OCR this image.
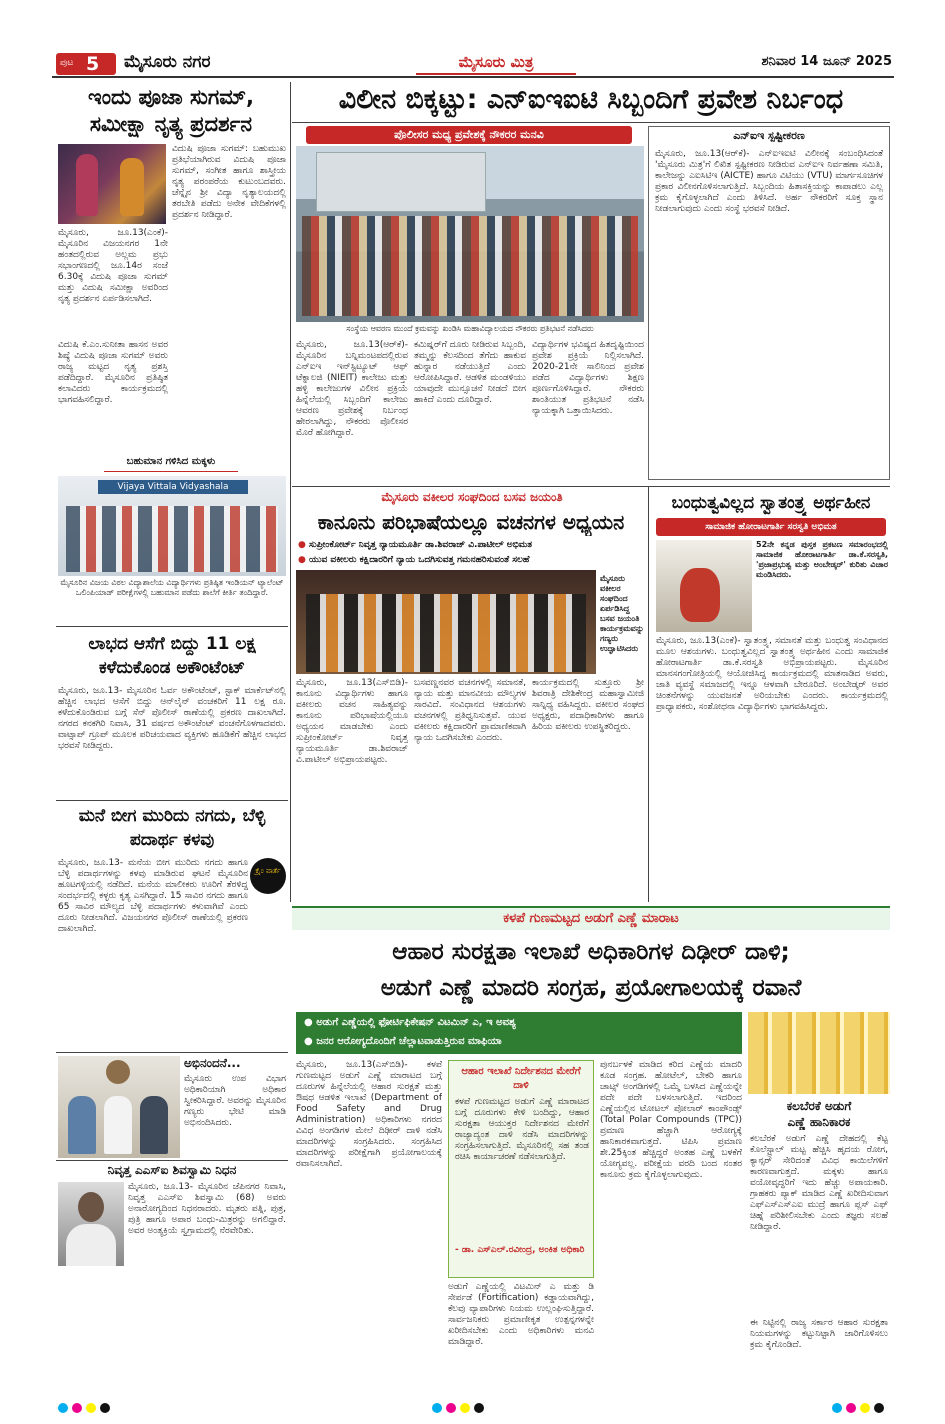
ಪುಟ 5 ಮೈಸೂರು ನಗರ	ಮೈಸೂರು ಮಿತ್ರ	ಶನಿವಾರ 14 ಜೂನ್ 2025
ಇಂದು ಪೂಜಾ ಸುಗಮ್, ಸಮೀಕ್ಷಾ ನೃತ್ಯ ಪ್ರದರ್ಶನ
ಮೈಸೂರು, ಜೂ.13(ಎಂಕೆ)- ಮೈಸೂರಿನ ವಿಜಯನಗರ 1ನೇ ಹಂತದಲ್ಲಿರುವ ಅಲ್ಲಮ ಪ್ರಭು ಸಭಾಂಗಣದಲ್ಲಿ ಜೂ.14ರ ಸಂಜೆ 6.30ಕ್ಕೆ ವಿದುಷಿ ಪೂಜಾ ಸುಗಮ್ ಮತ್ತು ವಿದುಷಿ ಸಮೀಕ್ಷಾ ಅವರಿಂದ ನೃತ್ಯ ಪ್ರದರ್ಶನ ಏರ್ಪಡಿಸಲಾಗಿದೆ.
ವಿದುಷಿ ಕೆ.ಎಂ.ಸುನೀತಾ ಹಾಸನ ಅವರ ಶಿಷ್ಯೆ ವಿದುಷಿ ಪೂಜಾ ಸುಗಮ್ ಅವರು ರಾಜ್ಯ ಮಟ್ಟದ ನೃತ್ಯ ಪ್ರಶಸ್ತಿ ಪಡೆದಿದ್ದಾರೆ. ಮೈಸೂರಿನ ಪ್ರತಿಷ್ಠಿತ ಕಲಾವಿದರು ಕಾರ್ಯಕ್ರಮದಲ್ಲಿ ಭಾಗವಹಿಸಲಿದ್ದಾರೆ.
ವಿದುಷಿ ಪೂಜಾ ಸುಗಮ್: ಬಹುಮುಖ ಪ್ರತಿಭೆಯಾಗಿರುವ ವಿದುಷಿ ಪೂಜಾ ಸುಗಮ್, ಸಂಗೀತ ಹಾಗೂ ಶಾಸ್ತ್ರೀಯ ನೃತ್ಯ ಪರಂಪರೆಯ ಕುಟುಂಬದವರು. ಚೆನ್ನೈನ ಶ್ರೀ ವಿದ್ಯಾ ನೃತ್ಯಾಲಯದಲ್ಲಿ ತರಬೇತಿ ಪಡೆದು ಅನೇಕ ವೇದಿಕೆಗಳಲ್ಲಿ ಪ್ರದರ್ಶನ ನೀಡಿದ್ದಾರೆ.
ಬಹುಮಾನ ಗಳಿಸಿದ ಮಕ್ಕಳು
Vijaya Vittala Vidyashala
ಮೈಸೂರಿನ ವಿಜಯ ವಿಠಲ ವಿದ್ಯಾಶಾಲೆಯ ವಿದ್ಯಾರ್ಥಿಗಳು ಪ್ರತಿಷ್ಠಿತ ಇಂಡಿಯನ್ ಟ್ಯಾಲೆಂಟ್ ಒಲಿಂಪಿಯಾಡ್ ಪರೀಕ್ಷೆಗಳಲ್ಲಿ ಬಹುಮಾನ ಪಡೆದು ಶಾಲೆಗೆ ಕೀರ್ತಿ ತಂದಿದ್ದಾರೆ.
ಲಾಭದ ಆಸೆಗೆ ಬಿದ್ದು 11 ಲಕ್ಷ ಕಳೆದುಕೊಂಡ ಅಕೌಂಟೆಂಟ್
ಮೈಸೂರು, ಜೂ.13- ಮೈಸೂರಿನ ಓರ್ವ ಅಕೌಂಟೆಂಟ್, ಸ್ಟಾಕ್ ಮಾರ್ಕೆಟ್‌ನಲ್ಲಿ ಹೆಚ್ಚಿನ ಲಾಭದ ಆಸೆಗೆ ಬಿದ್ದು ಆನ್‌ಲೈನ್ ವಂಚಕರಿಗೆ 11 ಲಕ್ಷ ರೂ. ಕಳೆದುಕೊಂಡಿರುವ ಬಗ್ಗೆ ಸೆನ್ ಪೊಲೀಸ್ ಠಾಣೆಯಲ್ಲಿ ಪ್ರಕರಣ ದಾಖಲಾಗಿದೆ. ನಗರದ ಕನಕಗಿರಿ ನಿವಾಸಿ, 31 ವರ್ಷದ ಅಕೌಂಟೆಂಟ್ ವಂಚನೆಗೊಳಗಾದವರು. ವಾಟ್ಸಾಪ್ ಗ್ರೂಪ್ ಮೂಲಕ ಪರಿಚಯವಾದ ವ್ಯಕ್ತಿಗಳು ಹೂಡಿಕೆಗೆ ಹೆಚ್ಚಿನ ಲಾಭದ ಭರವಸೆ ನೀಡಿದ್ದರು.
ಮನೆ ಬೀಗ ಮುರಿದು ನಗದು, ಬೆಳ್ಳಿ ಪದಾರ್ಥ ಕಳವು
ಮೈಸೂರು, ಜೂ.13- ಮನೆಯ ಬೀಗ ಮುರಿದು ನಗದು ಹಾಗೂ ಬೆಳ್ಳಿ ಪದಾರ್ಥಗಳನ್ನು ಕಳವು ಮಾಡಿರುವ ಘಟನೆ ಮೈಸೂರಿನ ಹೂಟಗಳ್ಳಿಯಲ್ಲಿ ನಡೆದಿದೆ. ಮನೆಯ ಮಾಲೀಕರು ಊರಿಗೆ ತೆರಳಿದ್ದ ಸಂದರ್ಭದಲ್ಲಿ ಕಳ್ಳರು ಕೃತ್ಯ ಎಸಗಿದ್ದಾರೆ. 15 ಸಾವಿರ ನಗದು ಹಾಗೂ 65 ಸಾವಿರ ಮೌಲ್ಯದ ಬೆಳ್ಳಿ ಪದಾರ್ಥಗಳು ಕಳುವಾಗಿವೆ ಎಂದು ದೂರು ನೀಡಲಾಗಿದೆ. ವಿಜಯನಗರ ಪೊಲೀಸ್ ಠಾಣೆಯಲ್ಲಿ ಪ್ರಕರಣ ದಾಖಲಾಗಿದೆ.
ಕ್ರೈಂ ವಾರ್ತೆ
ಅಭಿನಂದನೆ...
ಮೈಸೂರು ಉಪ ವಿಭಾಗ ಅಧಿಕಾರಿಯಾಗಿ ಅಧಿಕಾರ ಸ್ವೀಕರಿಸಿದ್ದಾರೆ. ಅವರನ್ನು ಮೈಸೂರಿನ ಗಣ್ಯರು ಭೇಟಿ ಮಾಡಿ ಅಭಿನಂದಿಸಿದರು.
ನಿವೃತ್ತ ಎಎಸ್‌ಐ ಶಿವಸ್ವಾಮಿ ನಿಧನ
ಮೈಸೂರು, ಜೂ.13- ಮೈಸೂರಿನ ಜೆಪಿನಗರ ನಿವಾಸಿ, ನಿವೃತ್ತ ಎಎಸ್‌ಐ ಶಿವಸ್ವಾಮಿ (68) ಅವರು ಅನಾರೋಗ್ಯದಿಂದ ನಿಧನರಾದರು. ಮೃತರು ಪತ್ನಿ, ಪುತ್ರ, ಪುತ್ರಿ ಹಾಗೂ ಅಪಾರ ಬಂಧು-ಮಿತ್ರರನ್ನು ಅಗಲಿದ್ದಾರೆ. ಅವರ ಅಂತ್ಯಕ್ರಿಯೆ ಸ್ವಗ್ರಾಮದಲ್ಲಿ ನೆರವೇರಿತು.
ವಿಲೀನ ಬಿಕ್ಕಟ್ಟು: ಎನ್‌ಐಇಐಟಿ ಸಿಬ್ಬಂದಿಗೆ ಪ್ರವೇಶ ನಿರ್ಬಂಧ
ಪೊಲೀಸರ ಮಧ್ಯ ಪ್ರವೇಶಕ್ಕೆ ನೌಕರರ ಮನವಿ
ಸಂಸ್ಥೆಯ ಆವರಣ ಮುಂದೆ ಕ್ರಮವನ್ನು ಖಂಡಿಸಿ ಮಹಾವಿದ್ಯಾಲಯದ ನೌಕರರು ಪ್ರತಿಭಟನೆ ನಡೆಸಿದರು
ಮೈಸೂರು, ಜೂ.13(ಆರ್‌ಕೆ)- ಮೈಸೂರಿನ ಬನ್ನಿಮಂಟಪದಲ್ಲಿರುವ ಎನ್‌ಐಇ ಇನ್‌ಸ್ಟಿಟ್ಯೂಟ್ ಆಫ್ ಟೆಕ್ನಾಲಜಿ (NIEIT) ಕಾಲೇಜು ಮತ್ತು ಹಳ್ಳಿ ಕಾಲೇಜುಗಳ ವಿಲೀನ ಪ್ರಕ್ರಿಯೆ ಹಿನ್ನೆಲೆಯಲ್ಲಿ ಸಿಬ್ಬಂದಿಗೆ ಕಾಲೇಜು ಆವರಣ ಪ್ರವೇಶಕ್ಕೆ ನಿರ್ಬಂಧ ಹೇರಲಾಗಿದ್ದು, ನೌಕರರು ಪೊಲೀಸರ ಮೊರೆ ಹೋಗಿದ್ದಾರೆ.
ಕಮಿಷ್ನರ್‌ಗೆ ದೂರು ನೀಡಿರುವ ಸಿಬ್ಬಂದಿ, ತಮ್ಮನ್ನು ಕೆಲಸದಿಂದ ತೆಗೆದು ಹಾಕುವ ಹುನ್ನಾರ ನಡೆಯುತ್ತಿದೆ ಎಂದು ಆರೋಪಿಸಿದ್ದಾರೆ. ಆಡಳಿತ ಮಂಡಳಿಯು ಯಾವುದೇ ಮುನ್ಸೂಚನೆ ನೀಡದೆ ಬೀಗ ಹಾಕಿದೆ ಎಂದು ದೂರಿದ್ದಾರೆ.
ವಿದ್ಯಾರ್ಥಿಗಳ ಭವಿಷ್ಯದ ಹಿತದೃಷ್ಟಿಯಿಂದ ಪ್ರವೇಶ ಪ್ರಕ್ರಿಯೆ ನಿಲ್ಲಿಸಲಾಗಿದೆ. 2020-21ನೇ ಸಾಲಿನಿಂದ ಪ್ರವೇಶ ಪಡೆದ ವಿದ್ಯಾರ್ಥಿಗಳು ಶಿಕ್ಷಣ ಪೂರ್ಣಗೊಳಿಸಿದ್ದಾರೆ. ನೌಕರರು ಶಾಂತಿಯುತ ಪ್ರತಿಭಟನೆ ನಡೆಸಿ ನ್ಯಾಯಕ್ಕಾಗಿ ಒತ್ತಾಯಿಸಿದರು.
ಎನ್‌ಐಇ ಸ್ಪಷ್ಟೀಕರಣ
ಮೈಸೂರು, ಜೂ.13(ಆರ್‌ಕೆ)- ಎನ್‌ಐಇಐಟಿ ವಿಲೀನಕ್ಕೆ ಸಂಬಂಧಿಸಿದಂತೆ 'ಮೈಸೂರು ಮಿತ್ರ'ಗೆ ಲಿಖಿತ ಸ್ಪಷ್ಟೀಕರಣ ನೀಡಿರುವ ಎನ್‌ಐಇ ನಿರ್ವಹಣಾ ಸಮಿತಿ, ಕಾಲೇಜನ್ನು ಎಐಸಿಟಿಇ (AICTE) ಹಾಗೂ ವಿಟಿಯು (VTU) ಮಾರ್ಗಸೂಚಿಗಳ ಪ್ರಕಾರ ವಿಲೀನಗೊಳಿಸಲಾಗುತ್ತಿದೆ. ಸಿಬ್ಬಂದಿಯ ಹಿತಾಸಕ್ತಿಯನ್ನು ಕಾಪಾಡಲು ಎಲ್ಲ ಕ್ರಮ ಕೈಗೊಳ್ಳಲಾಗಿದೆ ಎಂದು ತಿಳಿಸಿದೆ. ಅರ್ಹ ನೌಕರರಿಗೆ ಸೂಕ್ತ ಸ್ಥಾನ ನೀಡಲಾಗುವುದು ಎಂದು ಸಂಸ್ಥೆ ಭರವಸೆ ನೀಡಿದೆ.
ಮೈಸೂರು ವಕೀಲರ ಸಂಘದಿಂದ ಬಸವ ಜಯಂತಿ
ಕಾನೂನು ಪರಿಭಾಷೆಯಲ್ಲೂ ವಚನಗಳ ಅಧ್ಯಯನ
● ಸುಪ್ರೀಂಕೋರ್ಟ್ ನಿವೃತ್ತ ನ್ಯಾಯಮೂರ್ತಿ ಡಾ.ಶಿವರಾಜ್ ವಿ.ಪಾಟೀಲ್ ಅಭಿಮತ
● ಯುವ ವಕೀಲರು ಕಕ್ಷಿದಾರರಿಗೆ ನ್ಯಾಯ ಒದಗಿಸುವತ್ತ ಗಮನಹರಿಸುವಂತೆ ಸಲಹೆ
ಮೈಸೂರು ವಕೀಲರ ಸಂಘದಿಂದ ಏರ್ಪಡಿಸಿದ್ದ ಬಸವ ಜಯಂತಿ ಕಾರ್ಯಕ್ರಮವನ್ನು ಗಣ್ಯರು ಉದ್ಘಾಟಿಸಿದರು
ಮೈಸೂರು, ಜೂ.13(ಎಸ್‌ಬಿಡಿ)- ಕಾನೂನು ವಿದ್ಯಾರ್ಥಿಗಳು ಹಾಗೂ ವಕೀಲರು ವಚನ ಸಾಹಿತ್ಯವನ್ನು ಕಾನೂನು ಪರಿಭಾಷೆಯಲ್ಲಿಯೂ ಅಧ್ಯಯನ ಮಾಡಬೇಕು ಎಂದು ಸುಪ್ರೀಂಕೋರ್ಟ್ ನಿವೃತ್ತ ನ್ಯಾಯಮೂರ್ತಿ ಡಾ.ಶಿವರಾಜ್ ವಿ.ಪಾಟೀಲ್ ಅಭಿಪ್ರಾಯಪಟ್ಟರು.
ಬಸವಣ್ಣನವರ ವಚನಗಳಲ್ಲಿ ಸಮಾನತೆ, ನ್ಯಾಯ ಮತ್ತು ಮಾನವೀಯ ಮೌಲ್ಯಗಳ ಸಾರವಿದೆ. ಸಂವಿಧಾನದ ಆಶಯಗಳು ವಚನಗಳಲ್ಲಿ ಪ್ರತಿಧ್ವನಿಸುತ್ತವೆ. ಯುವ ವಕೀಲರು ಕಕ್ಷಿದಾರರಿಗೆ ಪ್ರಾಮಾಣಿಕವಾಗಿ ನ್ಯಾಯ ಒದಗಿಸಬೇಕು ಎಂದರು.
ಕಾರ್ಯಕ್ರಮದಲ್ಲಿ ಸುತ್ತೂರು ಶ್ರೀ ಶಿವರಾತ್ರಿ ದೇಶಿಕೇಂದ್ರ ಮಹಾಸ್ವಾಮೀಜಿ ಸಾನ್ನಿಧ್ಯ ವಹಿಸಿದ್ದರು. ವಕೀಲರ ಸಂಘದ ಅಧ್ಯಕ್ಷರು, ಪದಾಧಿಕಾರಿಗಳು ಹಾಗೂ ಹಿರಿಯ ವಕೀಲರು ಉಪಸ್ಥಿತರಿದ್ದರು.
ಬಂಧುತ್ವವಿಲ್ಲದ ಸ್ವಾತಂತ್ರ್ಯ ಅರ್ಥಹೀನ
ಸಾಮಾಜಿಕ ಹೋರಾಟಗಾರ್ತಿ ಸರಸ್ವತಿ ಅಭಿಮತ
52ನೇ ಕನ್ನಡ ಪುಸ್ತಕ ಪ್ರಕಟಣ ಸಮಾರಂಭದಲ್ಲಿ ಸಾಮಾಜಿಕ ಹೋರಾಟಗಾರ್ತಿ ಡಾ.ಕೆ.ಸರಸ್ವತಿ, 'ಪ್ರಜಾಪ್ರಭುತ್ವ ಮತ್ತು ಅಂಬೇಡ್ಕರ್' ಕುರಿತು ವಿಚಾರ ಮಂಡಿಸಿದರು.
ಮೈಸೂರು, ಜೂ.13(ಎಂಕೆ)- ಸ್ವಾತಂತ್ರ್ಯ, ಸಮಾನತೆ ಮತ್ತು ಬಂಧುತ್ವ ಸಂವಿಧಾನದ ಮೂಲ ಆಶಯಗಳು. ಬಂಧುತ್ವವಿಲ್ಲದ ಸ್ವಾತಂತ್ರ್ಯ ಅರ್ಥಹೀನ ಎಂದು ಸಾಮಾಜಿಕ ಹೋರಾಟಗಾರ್ತಿ ಡಾ.ಕೆ.ಸರಸ್ವತಿ ಅಭಿಪ್ರಾಯಪಟ್ಟರು. ಮೈಸೂರಿನ ಮಾನಸಗಂಗೋತ್ರಿಯಲ್ಲಿ ಆಯೋಜಿಸಿದ್ದ ಕಾರ್ಯಕ್ರಮದಲ್ಲಿ ಮಾತನಾಡಿದ ಅವರು, ಜಾತಿ ವ್ಯವಸ್ಥೆ ಸಮಾಜದಲ್ಲಿ ಇನ್ನೂ ಆಳವಾಗಿ ಬೇರೂರಿದೆ. ಅಂಬೇಡ್ಕರ್ ಅವರ ಚಿಂತನೆಗಳನ್ನು ಯುವಜನತೆ ಅರಿಯಬೇಕು ಎಂದರು. ಕಾರ್ಯಕ್ರಮದಲ್ಲಿ ಪ್ರಾಧ್ಯಾಪಕರು, ಸಂಶೋಧನಾ ವಿದ್ಯಾರ್ಥಿಗಳು ಭಾಗವಹಿಸಿದ್ದರು.
ಕಳಪೆ ಗುಣಮಟ್ಟದ ಅಡುಗೆ ಎಣ್ಣೆ ಮಾರಾಟ
ಆಹಾರ ಸುರಕ್ಷತಾ ಇಲಾಖೆ ಅಧಿಕಾರಿಗಳ ದಿಢೀರ್ ದಾಳಿ;
ಅಡುಗೆ ಎಣ್ಣೆ ಮಾದರಿ ಸಂಗ್ರಹ, ಪ್ರಯೋಗಾಲಯಕ್ಕೆ ರವಾನೆ
● ಅಡುಗೆ ಎಣ್ಣೆಯಲ್ಲಿ ಫೋರ್ಟಿಫಿಕೇಷನ್ ವಿಟಮಿನ್ ಎ, ಇ ಅವಶ್ಯ
● ಜನರ ಆರೋಗ್ಯದೊಂದಿಗೆ ಚೆಲ್ಲಾಟವಾಡುತ್ತಿರುವ ಮಾಫಿಯಾ
ಮೈಸೂರು, ಜೂ.13(ಎಸ್‌ಬಿಡಿ)- ಕಳಪೆ ಗುಣಮಟ್ಟದ ಅಡುಗೆ ಎಣ್ಣೆ ಮಾರಾಟದ ಬಗ್ಗೆ ದೂರುಗಳ ಹಿನ್ನೆಲೆಯಲ್ಲಿ ಆಹಾರ ಸುರಕ್ಷತೆ ಮತ್ತು ಔಷಧ ಆಡಳಿತ ಇಲಾಖೆ (Department of Food Safety and Drug Administration) ಅಧಿಕಾರಿಗಳು ನಗರದ ವಿವಿಧ ಅಂಗಡಿಗಳ ಮೇಲೆ ದಿಢೀರ್ ದಾಳಿ ನಡೆಸಿ ಮಾದರಿಗಳನ್ನು ಸಂಗ್ರಹಿಸಿದರು. ಸಂಗ್ರಹಿಸಿದ ಮಾದರಿಗಳನ್ನು ಪರೀಕ್ಷೆಗಾಗಿ ಪ್ರಯೋಗಾಲಯಕ್ಕೆ ರವಾನಿಸಲಾಗಿದೆ.
ಆಹಾರ ಇಲಾಖೆ ನಿರ್ದೇಶನದ ಮೇರೆಗೆ ದಾಳಿ
ಕಳಪೆ ಗುಣಮಟ್ಟದ ಅಡುಗೆ ಎಣ್ಣೆ ಮಾರಾಟದ ಬಗ್ಗೆ ದೂರುಗಳು ಕೇಳಿ ಬಂದಿದ್ದು, ಆಹಾರ ಸುರಕ್ಷತಾ ಆಯುಕ್ತರ ನಿರ್ದೇಶನದ ಮೇರೆಗೆ ರಾಜ್ಯಾದ್ಯಂತ ದಾಳಿ ನಡೆಸಿ ಮಾದರಿಗಳನ್ನು ಸಂಗ್ರಹಿಸಲಾಗುತ್ತಿದೆ. ಮೈಸೂರಿನಲ್ಲಿ ಸಹ ತಂಡ ರಚಿಸಿ ಕಾರ್ಯಾಚರಣೆ ನಡೆಸಲಾಗುತ್ತಿದೆ.
- ಡಾ. ಎಸ್‌ಎಲ್.ರವೀಂದ್ರ, ಅಂಕಿತ ಅಧಿಕಾರಿ
ಅಡುಗೆ ಎಣ್ಣೆಯಲ್ಲಿ ವಿಟಮಿನ್ ಎ ಮತ್ತು ಡಿ ಸೇರ್ಪಡೆ (Fortification) ಕಡ್ಡಾಯವಾಗಿದ್ದು, ಕೆಲವು ವ್ಯಾಪಾರಿಗಳು ನಿಯಮ ಉಲ್ಲಂಘಿಸುತ್ತಿದ್ದಾರೆ. ಸಾರ್ವಜನಿಕರು ಪ್ರಮಾಣೀಕೃತ ಉತ್ಪನ್ನಗಳನ್ನೇ ಖರೀದಿಸಬೇಕು ಎಂದು ಅಧಿಕಾರಿಗಳು ಮನವಿ ಮಾಡಿದ್ದಾರೆ.
ಪುನರ್ಬಳಕೆ ಮಾಡಿದ ಕರಿದ ಎಣ್ಣೆಯ ಮಾದರಿ ಕೂಡ ಸಂಗ್ರಹ. ಹೋಟೆಲ್, ಬೇಕರಿ ಹಾಗೂ ಚಾಟ್ಸ್ ಅಂಗಡಿಗಳಲ್ಲಿ ಒಮ್ಮೆ ಬಳಸಿದ ಎಣ್ಣೆಯನ್ನೇ ಪದೇ ಪದೇ ಬಳಸಲಾಗುತ್ತಿದೆ. ಇದರಿಂದ ಎಣ್ಣೆಯಲ್ಲಿನ ಟೋಟಲ್ ಪೋಲಾರ್ ಕಾಂಪೌಂಡ್ಸ್ (Total Polar Compounds (TPC)) ಪ್ರಮಾಣ ಹೆಚ್ಚಾಗಿ ಆರೋಗ್ಯಕ್ಕೆ ಹಾನಿಕಾರಕವಾಗುತ್ತದೆ. ಟಿಪಿಸಿ ಪ್ರಮಾಣ ಶೇ.25ಕ್ಕಿಂತ ಹೆಚ್ಚಿದ್ದರೆ ಅಂತಹ ಎಣ್ಣೆ ಬಳಕೆಗೆ ಯೋಗ್ಯವಲ್ಲ. ಪರೀಕ್ಷೆಯ ವರದಿ ಬಂದ ನಂತರ ಕಾನೂನು ಕ್ರಮ ಕೈಗೊಳ್ಳಲಾಗುವುದು.
ಕಲಬೆರಕೆ ಅಡುಗೆ
ಎಣ್ಣೆ ಹಾನಿಕಾರಕ
ಕಲಬೆರಕೆ ಅಡುಗೆ ಎಣ್ಣೆ ದೇಹದಲ್ಲಿ ಕೆಟ್ಟ ಕೊಲೆಸ್ಟ್ರಾಲ್ ಮಟ್ಟ ಹೆಚ್ಚಿಸಿ ಹೃದಯ ರೋಗ, ಕ್ಯಾನ್ಸರ್ ಸೇರಿದಂತೆ ವಿವಿಧ ಕಾಯಿಲೆಗಳಿಗೆ ಕಾರಣವಾಗುತ್ತದೆ. ಮಕ್ಕಳು ಹಾಗೂ ವಯೋವೃದ್ಧರಿಗೆ ಇದು ಹೆಚ್ಚು ಅಪಾಯಕಾರಿ. ಗ್ರಾಹಕರು ಪ್ಯಾಕ್ ಮಾಡಿದ ಎಣ್ಣೆ ಖರೀದಿಸುವಾಗ ಎಫ್‌ಎಸ್‌ಎಸ್‌ಎಐ ಮುದ್ರೆ ಹಾಗೂ ಪ್ಲಸ್ ಎಫ್ ಚಿಹ್ನೆ ಪರಿಶೀಲಿಸಬೇಕು ಎಂದು ತಜ್ಞರು ಸಲಹೆ ನೀಡಿದ್ದಾರೆ.
ಈ ನಿಟ್ಟಿನಲ್ಲಿ ರಾಜ್ಯ ಸರ್ಕಾರ ಆಹಾರ ಸುರಕ್ಷತಾ ನಿಯಮಗಳನ್ನು ಕಟ್ಟುನಿಟ್ಟಾಗಿ ಜಾರಿಗೊಳಿಸಲು ಕ್ರಮ ಕೈಗೊಂಡಿದೆ.
